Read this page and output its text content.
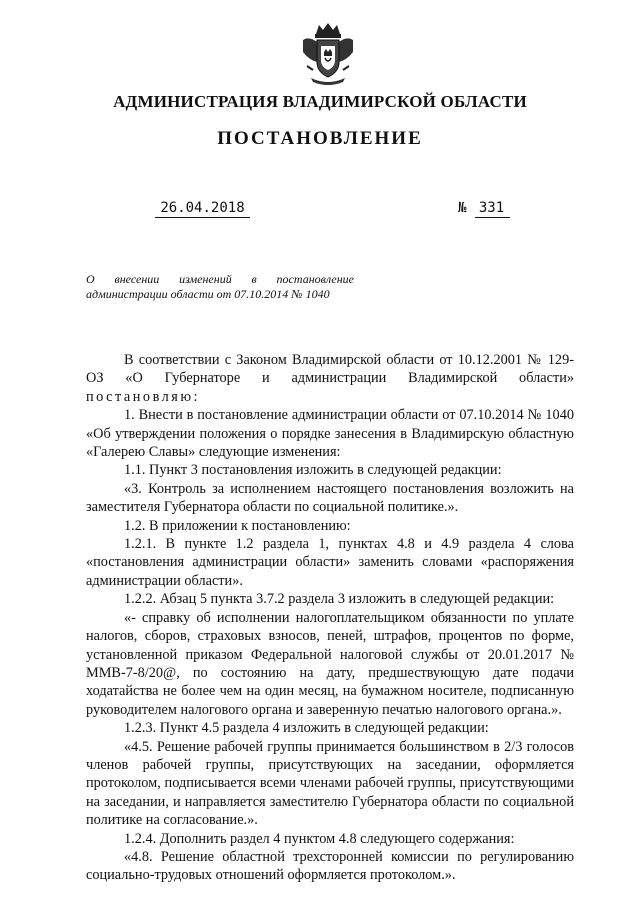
АДМИНИСТРАЦИЯ ВЛАДИМИРСКОЙ ОБЛАСТИ
ПОСТАНОВЛЕНИЕ
26.04.2018	№ 331
О внесении изменений в постановление
администрации области от 07.10.2014 № 1040

В соответствии с Законом Владимирской области от 10.12.2001 № 129-ОЗ «О Губернаторе и администрации Владимирской области» постановляю:

1. Внести в постановление администрации области от 07.10.2014 № 1040 «Об утверждении положения о порядке занесения в Владимирскую областную «Галерею Славы» следующие изменения:

1.1. Пункт 3 постановления изложить в следующей редакции:

«3. Контроль за исполнением настоящего постановления возложить на заместителя Губернатора области по социальной политике.».

1.2. В приложении к постановлению:

1.2.1. В пункте 1.2 раздела 1, пунктах 4.8 и 4.9 раздела 4 слова «постановления администрации области» заменить словами «распоряжения администрации области».

1.2.2. Абзац 5 пункта 3.7.2 раздела 3 изложить в следующей редакции:

«- справку об исполнении налогоплательщиком обязанности по уплате налогов, сборов, страховых взносов, пеней, штрафов, процентов по форме, установленной приказом Федеральной налоговой службы от 20.01.2017 № ММВ-7-8/20@, по состоянию на дату, предшествующую дате подачи ходатайства не более чем на один месяц, на бумажном носителе, подписанную руководителем налогового органа и заверенную печатью налогового органа.».

1.2.3. Пункт 4.5 раздела 4 изложить в следующей редакции:

«4.5. Решение рабочей группы принимается большинством в 2/3 голосов членов рабочей группы, присутствующих на заседании, оформляется протоколом, подписывается всеми членами рабочей группы, присутствующими на заседании, и направляется заместителю Губернатора области по социальной политике на согласование.».

1.2.4. Дополнить раздел 4 пунктом 4.8 следующего содержания:

«4.8. Решение областной трехсторонней комиссии по регулированию социально-трудовых отношений оформляется протоколом.».
